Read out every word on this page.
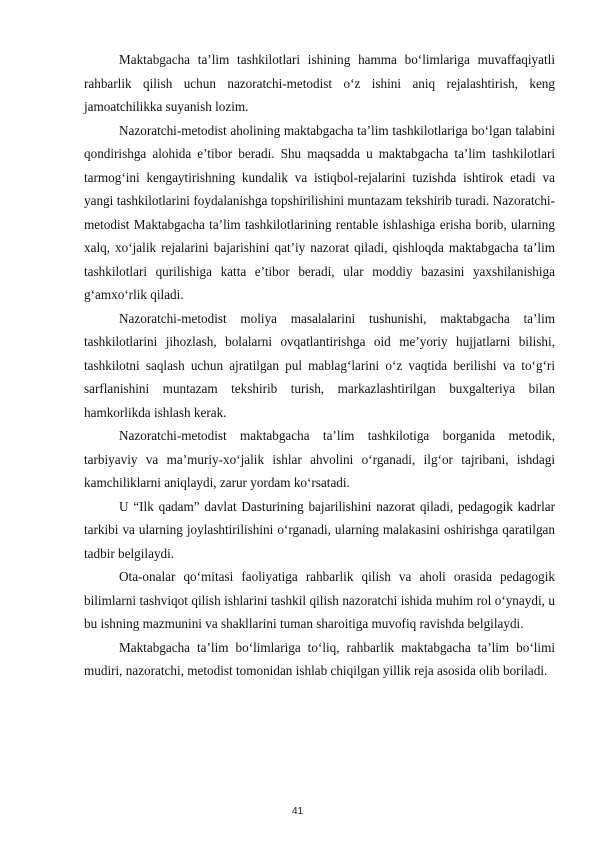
Maktabgacha ta’lim tashkilotlari ishining hamma bo‘limlariga muvaffaqiyatli rahbarlik qilish uchun nazoratchi-metodist o‘z ishini aniq rejalashtirish, keng jamoatchilikka suyanish lozim.

Nazoratchi-metodist aholining maktabgacha ta’lim tashkilotlariga bo‘lgan talabini qondirishga alohida e’tibor beradi. Shu maqsadda u maktabgacha ta’lim tashkilotlari tarmog‘ini kengaytirishning kundalik va istiqbol-rejalarini tuzishda ishtirok etadi va yangi tashkilotlarini foydalanishga topshirilishini muntazam tekshirib turadi. Nazoratchi-metodist Maktabgacha ta’lim tashkilotlarining rentable ishlashiga erisha borib, ularning xalq, xo‘jalik rejalarini bajarishini qat’iy nazorat qiladi, qishloqda maktabgacha ta’lim tashkilotlari qurilishiga katta e’tibor beradi, ular moddiy bazasini yaxshilanishiga g‘amxo‘rlik qiladi.

Nazoratchi-metodist moliya masalalarini tushunishi, maktabgacha ta’lim tashkilotlarini jihozlash, bolalarni ovqatlantirishga oid me’yoriy hujjatlarni bilishi, tashkilotni saqlash uchun ajratilgan pul mablag‘larini o‘z vaqtida berilishi va to‘g‘ri sarflanishini muntazam tekshirib turish, markazlashtirilgan buxgalteriya bilan hamkorlikda ishlash kerak.

Nazoratchi-metodist maktabgacha ta’lim tashkilotiga borganida metodik, tarbiyaviy va ma’muriy-xo‘jalik ishlar ahvolini o‘rganadi, ilg‘or tajribani, ishdagi kamchiliklarni aniqlaydi, zarur yordam ko‘rsatadi.

U “Ilk qadam” davlat Dasturining bajarilishini nazorat qiladi, pedagogik kadrlar tarkibi va ularning joylashtirilishini o‘rganadi, ularning malakasini oshirishga qaratilgan tadbir belgilaydi.

Ota-onalar qo‘mitasi faoliyatiga rahbarlik qilish va aholi orasida pedagogik bilimlarni tashviqot qilish ishlarini tashkil qilish nazoratchi ishida muhim rol o‘ynaydi, u bu ishning mazmunini va shakllarini tuman sharoitiga muvofiq ravishda belgilaydi.

Maktabgacha ta’lim bo‘limlariga to‘liq, rahbarlik maktabgacha ta’lim bo‘limi mudiri, nazoratchi, metodist tomonidan ishlab chiqilgan yillik reja asosida olib boriladi.

41
